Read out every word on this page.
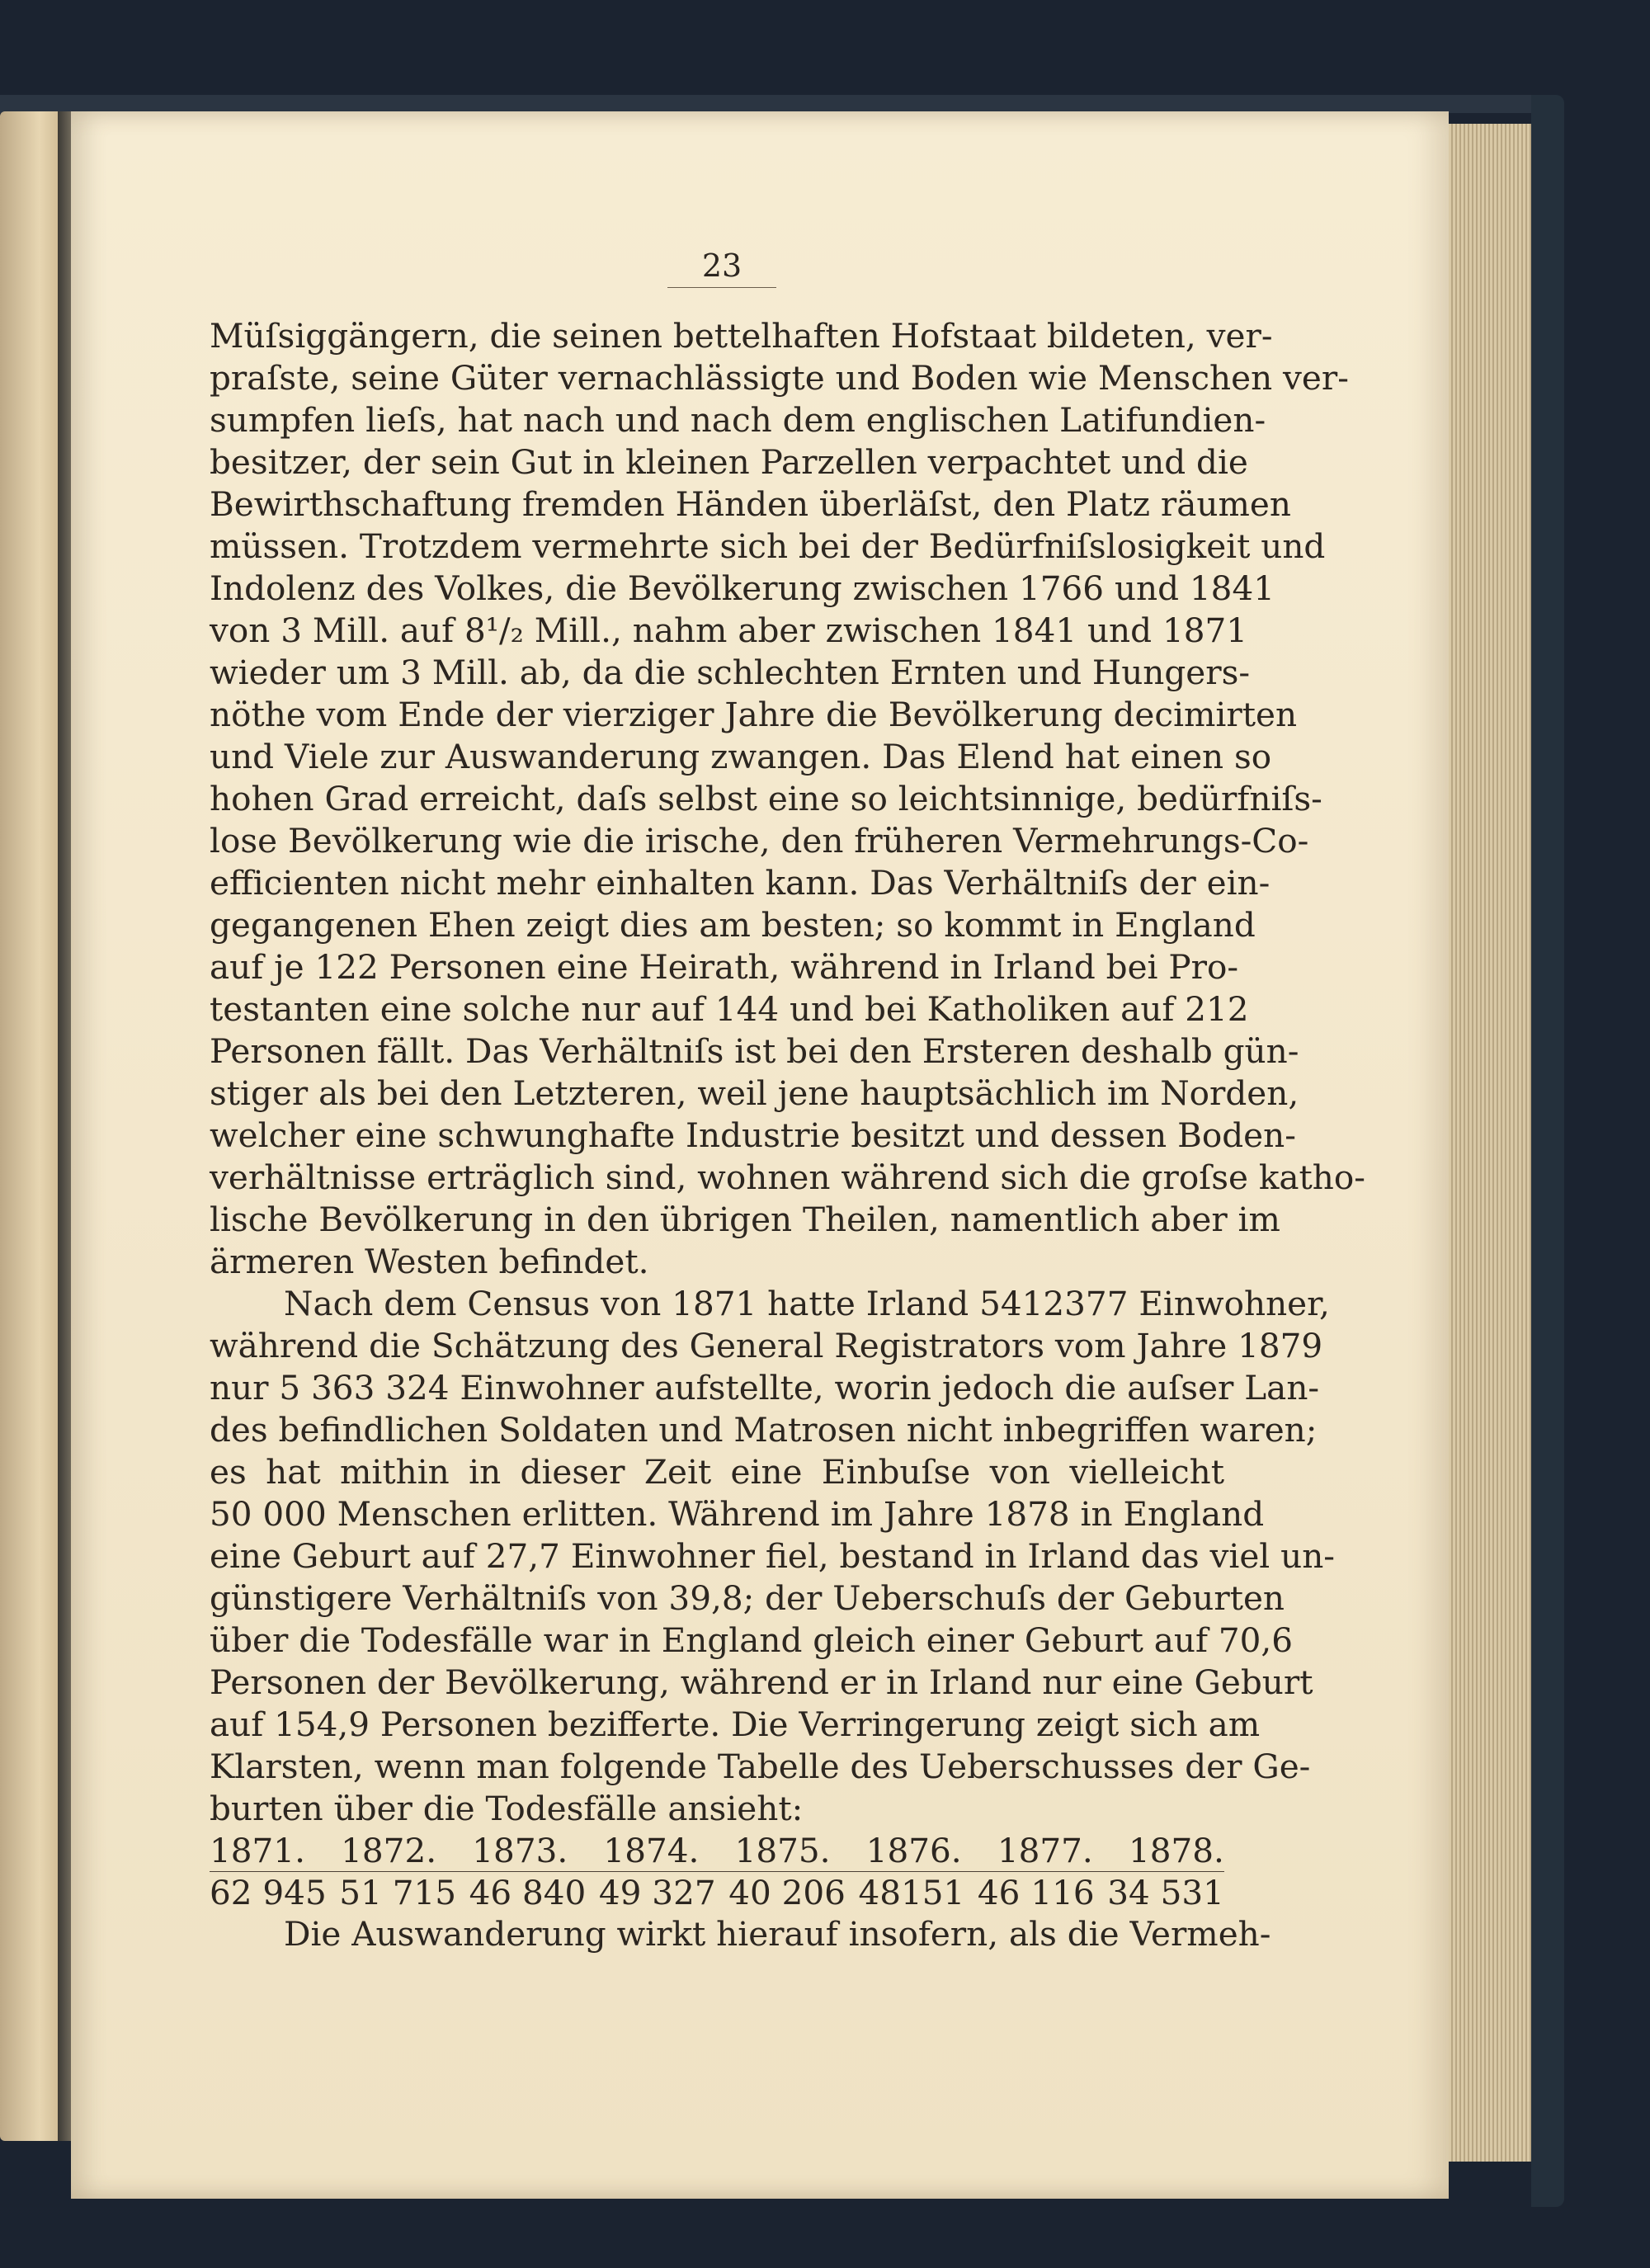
23
Müſsiggängern, die seinen bettelhaften Hofstaat bildeten, ver-
praſste, seine Güter vernachlässigte und Boden wie Menschen ver-
sumpfen lieſs, hat nach und nach dem englischen Latifundien-
besitzer, der sein Gut in kleinen Parzellen verpachtet und die
Bewirthschaftung fremden Händen überläſst, den Platz räumen
müssen. Trotzdem vermehrte sich bei der Bedürfniſslosigkeit und
Indolenz des Volkes, die Bevölkerung zwischen 1766 und 1841
von 3 Mill. auf 8¹/₂ Mill., nahm aber zwischen 1841 und 1871
wieder um 3 Mill. ab, da die schlechten Ernten und Hungers-
nöthe vom Ende der vierziger Jahre die Bevölkerung decimirten
und Viele zur Auswanderung zwangen. Das Elend hat einen so
hohen Grad erreicht, daſs selbst eine so leichtsinnige, bedürfniſs-
lose Bevölkerung wie die irische, den früheren Vermehrungs-Co-
efficienten nicht mehr einhalten kann. Das Verhältniſs der ein-
gegangenen Ehen zeigt dies am besten; so kommt in England
auf je 122 Personen eine Heirath, während in Irland bei Pro-
testanten eine solche nur auf 144 und bei Katholiken auf 212
Personen fällt. Das Verhältniſs ist bei den Ersteren deshalb gün-
stiger als bei den Letzteren, weil jene hauptsächlich im Norden,
welcher eine schwunghafte Industrie besitzt und dessen Boden-
verhältnisse erträglich sind, wohnen während sich die groſse katho-
lische Bevölkerung in den übrigen Theilen, namentlich aber im
ärmeren Westen befindet.
Nach dem Census von 1871 hatte Irland 5412377 Einwohner,
während die Schätzung des General Registrators vom Jahre 1879
nur 5 363 324 Einwohner aufstellte, worin jedoch die auſser Lan-
des befindlichen Soldaten und Matrosen nicht inbegriffen waren;
es hat mithin in dieser Zeit eine Einbuſse von vielleicht
50 000 Menschen erlitten. Während im Jahre 1878 in England
eine Geburt auf 27,7 Einwohner fiel, bestand in Irland das viel un-
günstigere Verhältniſs von 39,8; der Ueberschuſs der Geburten
über die Todesfälle war in England gleich einer Geburt auf 70,6
Personen der Bevölkerung, während er in Irland nur eine Geburt
auf 154,9 Personen bezifferte. Die Verringerung zeigt sich am
Klarsten, wenn man folgende Tabelle des Ueberschusses der Ge-
burten über die Todesfälle ansieht:
1871. 1872. 1873. 1874. 1875. 1876. 1877. 1878.
62 945 51 715 46 840 49 327 40 206 48151 46 116 34 531
Die Auswanderung wirkt hierauf insofern, als die Vermeh-
